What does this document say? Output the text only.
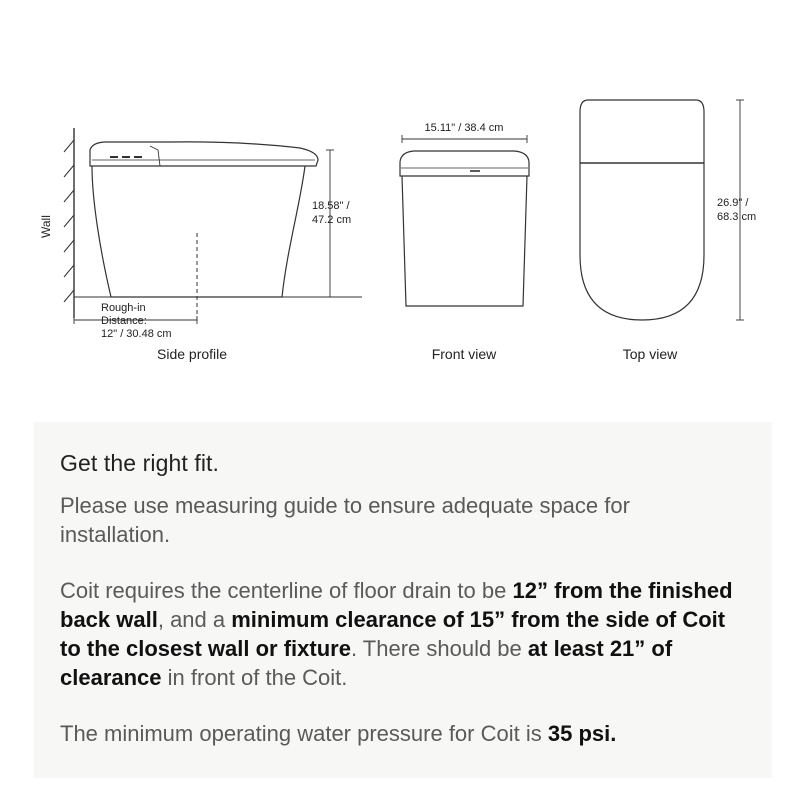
Wall
18.58" /
47.2 cm
Rough-in
Distance:
12" / 30.48 cm
Side profile
15.11" / 38.4 cm
Front view
26.9" /
68.3 cm
Top view
Get the right fit.

Please use measuring guide to ensure adequate space for installation.

Coit requires the centerline of floor drain to be 12” from the finished back wall, and a minimum clearance of 15” from the side of Coit to the closest wall or fixture. There should be at least 21” of clearance in front of the Coit.

The minimum operating water pressure for Coit is 35 psi.
